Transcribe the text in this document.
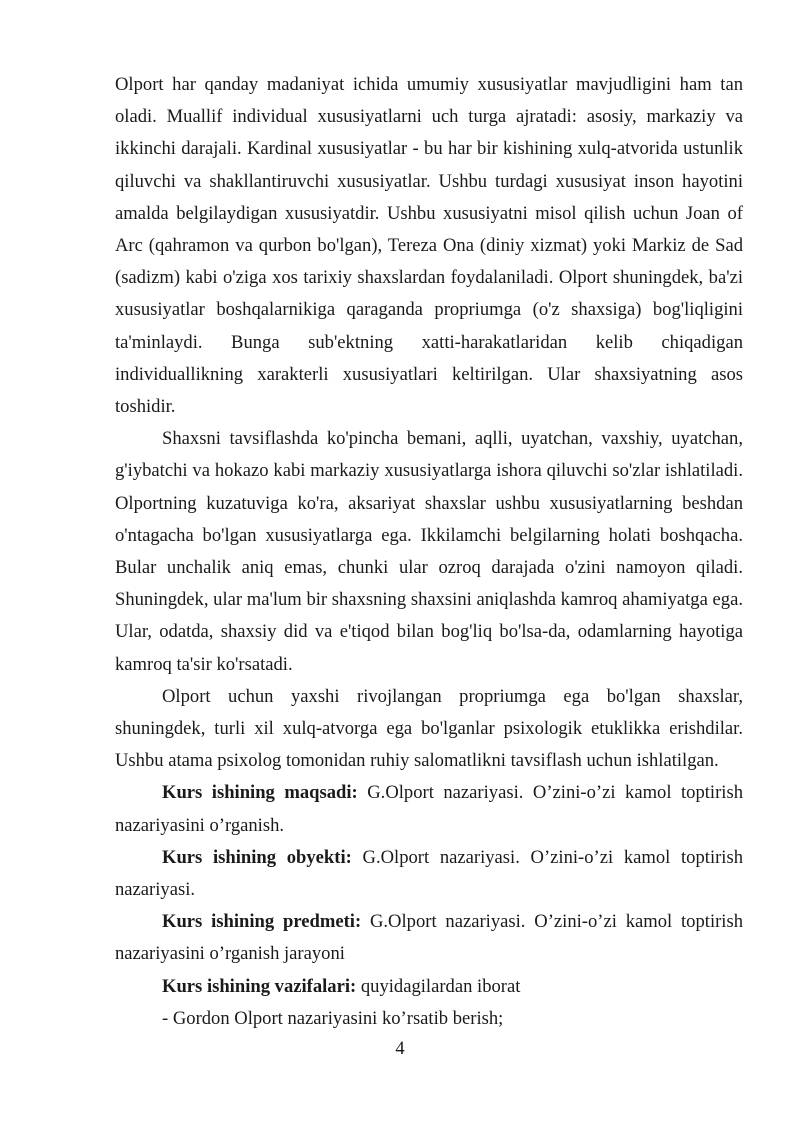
Olport har qanday madaniyat ichida umumiy xususiyatlar mavjudligini ham tan oladi. Muallif individual xususiyatlarni uch turga ajratadi: asosiy, markaziy va ikkinchi darajali. Kardinal xususiyatlar - bu har bir kishining xulq-atvorida ustunlik qiluvchi va shakllantiruvchi xususiyatlar. Ushbu turdagi xususiyat inson hayotini amalda belgilaydigan xususiyatdir. Ushbu xususiyatni misol qilish uchun Joan of Arc (qahramon va qurbon bo'lgan), Tereza Ona (diniy xizmat) yoki Markiz de Sad (sadizm) kabi o'ziga xos tarixiy shaxslardan foydalaniladi. Olport shuningdek, ba'zi xususiyatlar boshqalarnikiga qaraganda propriumga (o'z shaxsiga) bog'liqligini ta'minlaydi. Bunga sub'ektning xatti-harakatlaridan kelib chiqadigan individuallikning xarakterli xususiyatlari keltirilgan. Ular shaxsiyatning asos toshidir.

Shaxsni tavsiflashda ko'pincha bemani, aqlli, uyatchan, vaxshiy, uyatchan, g'iybatchi va hokazo kabi markaziy xususiyatlarga ishora qiluvchi so'zlar ishlatiladi. Olportning kuzatuviga ko'ra, aksariyat shaxslar ushbu xususiyatlarning beshdan o'ntagacha bo'lgan xususiyatlarga ega. Ikkilamchi belgilarning holati boshqacha. Bular unchalik aniq emas, chunki ular ozroq darajada o'zini namoyon qiladi. Shuningdek, ular ma'lum bir shaxsning shaxsini aniqlashda kamroq ahamiyatga ega. Ular, odatda, shaxsiy did va e'tiqod bilan bog'liq bo'lsa-da, odamlarning hayotiga kamroq ta'sir ko'rsatadi.

Olport uchun yaxshi rivojlangan propriumga ega bo'lgan shaxslar, shuningdek, turli xil xulq-atvorga ega bo'lganlar psixologik etuklikka erishdilar. Ushbu atama psixolog tomonidan ruhiy salomatlikni tavsiflash uchun ishlatilgan.

Kurs ishining maqsadi: G.Olport nazariyasi. O’zini-o’zi kamol toptirish nazariyasini o’rganish.

Kurs ishining obyekti: G.Olport nazariyasi. O’zini-o’zi kamol toptirish nazariyasi.

Kurs ishining predmeti: G.Olport nazariyasi. O’zini-o’zi kamol toptirish nazariyasini o’rganish jarayoni

Kurs ishining vazifalari: quyidagilardan iborat

- Gordon Olport nazariyasini ko’rsatib berish;

4
